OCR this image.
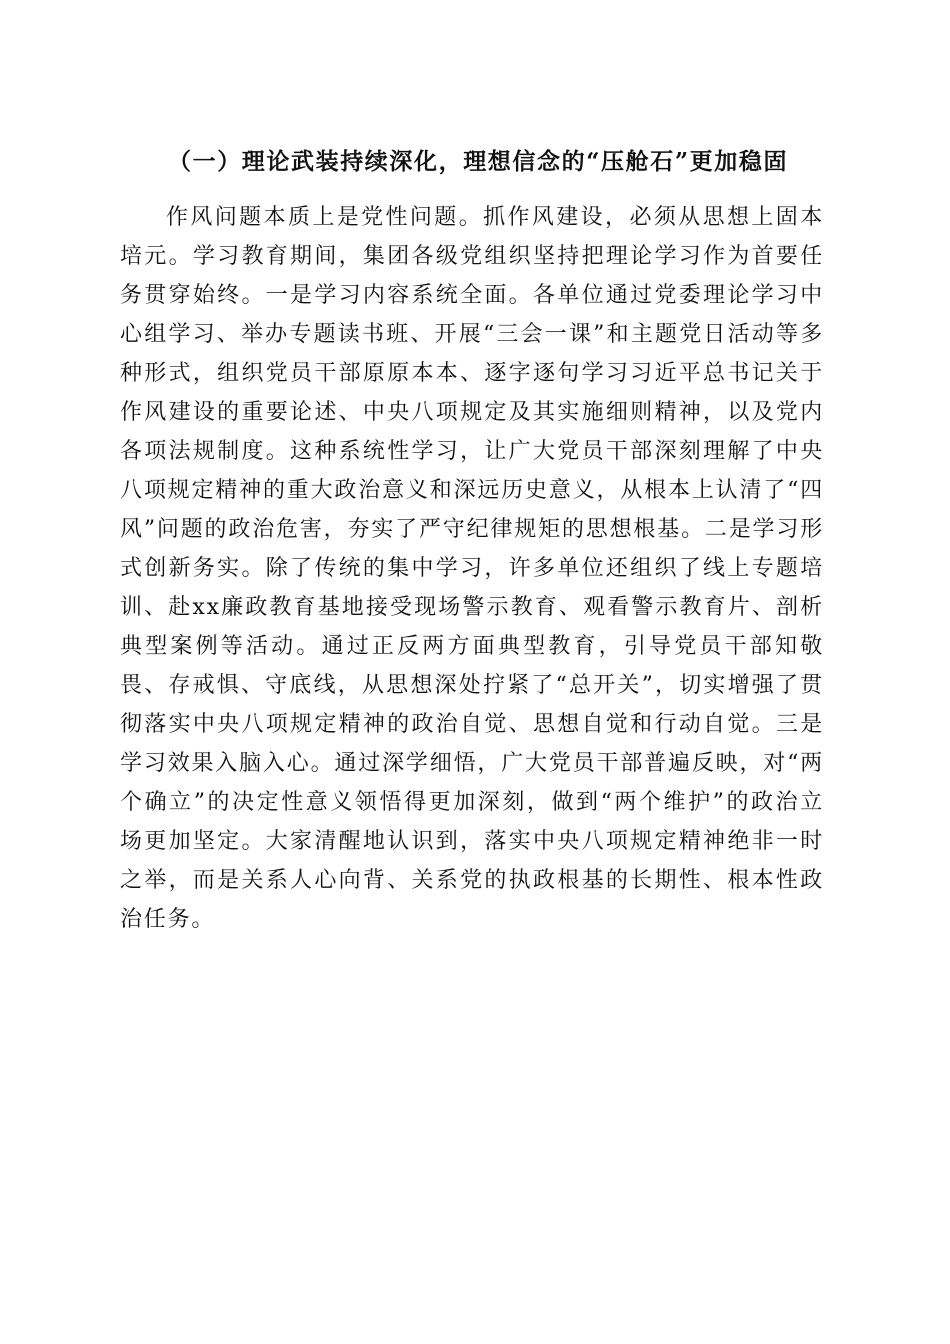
（一）理论武装持续深化，理想信念的“压舱石”更加稳固

作风问题本质上是党性问题。抓作风建设，必须从思想上固本培元。学习教育期间，集团各级党组织坚持把理论学习作为首要任务贯穿始终。一是学习内容系统全面。各单位通过党委理论学习中心组学习、举办专题读书班、开展“三会一课”和主题党日活动等多种形式，组织党员干部原原本本、逐字逐句学习习近平总书记关于作风建设的重要论述、中央八项规定及其实施细则精神，以及党内各项法规制度。这种系统性学习，让广大党员干部深刻理解了中央八项规定精神的重大政治意义和深远历史意义，从根本上认清了“四风”问题的政治危害，夯实了严守纪律规矩的思想根基。二是学习形式创新务实。除了传统的集中学习，许多单位还组织了线上专题培训、赴xx廉政教育基地接受现场警示教育、观看警示教育片、剖析典型案例等活动。通过正反两方面典型教育，引导党员干部知敬畏、存戒惧、守底线，从思想深处拧紧了“总开关”，切实增强了贯彻落实中央八项规定精神的政治自觉、思想自觉和行动自觉。三是学习效果入脑入心。通过深学细悟，广大党员干部普遍反映，对“两个确立”的决定性意义领悟得更加深刻，做到“两个维护”的政治立场更加坚定。大家清醒地认识到，落实中央八项规定精神绝非一时之举，而是关系人心向背、关系党的执政根基的长期性、根本性政治任务。
